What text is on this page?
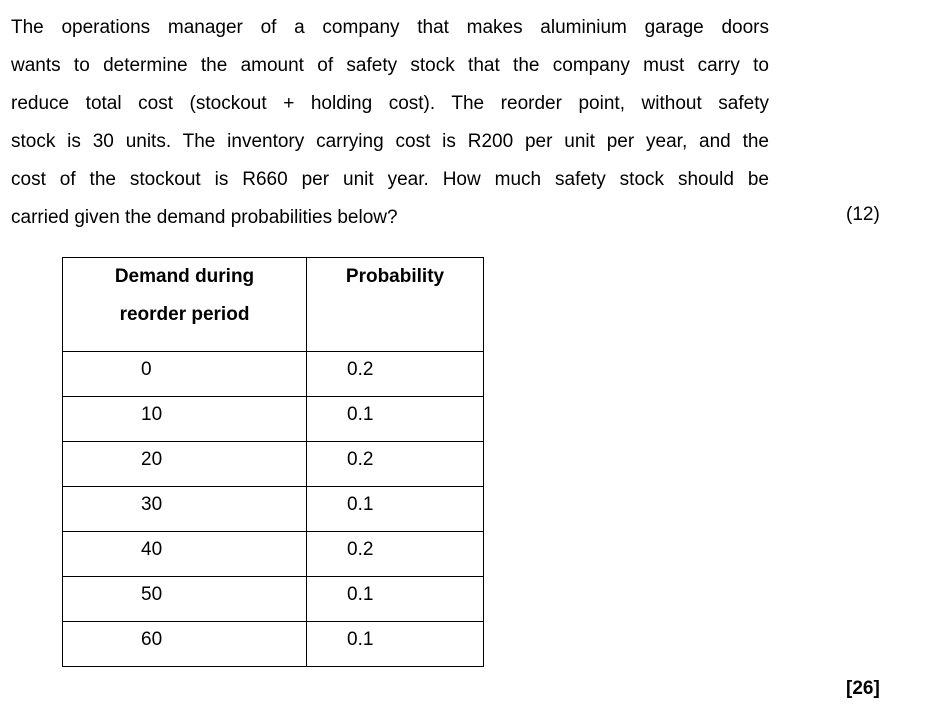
The operations manager of a company that makes aluminium garage doors
wants to determine the amount of safety stock that the company must carry to
reduce total cost (stockout + holding cost). The reorder point, without safety
stock is 30 units. The inventory carrying cost is R200 per unit per year, and the
cost of the stockout is R660 per unit year. How much safety stock should be
carried given the demand probabilities below?	(12)
Demand during
reorder period	Probability

0	0.2
10	0.1
20	0.2
30	0.1
40	0.2
50	0.1
60	0.1
[26]
